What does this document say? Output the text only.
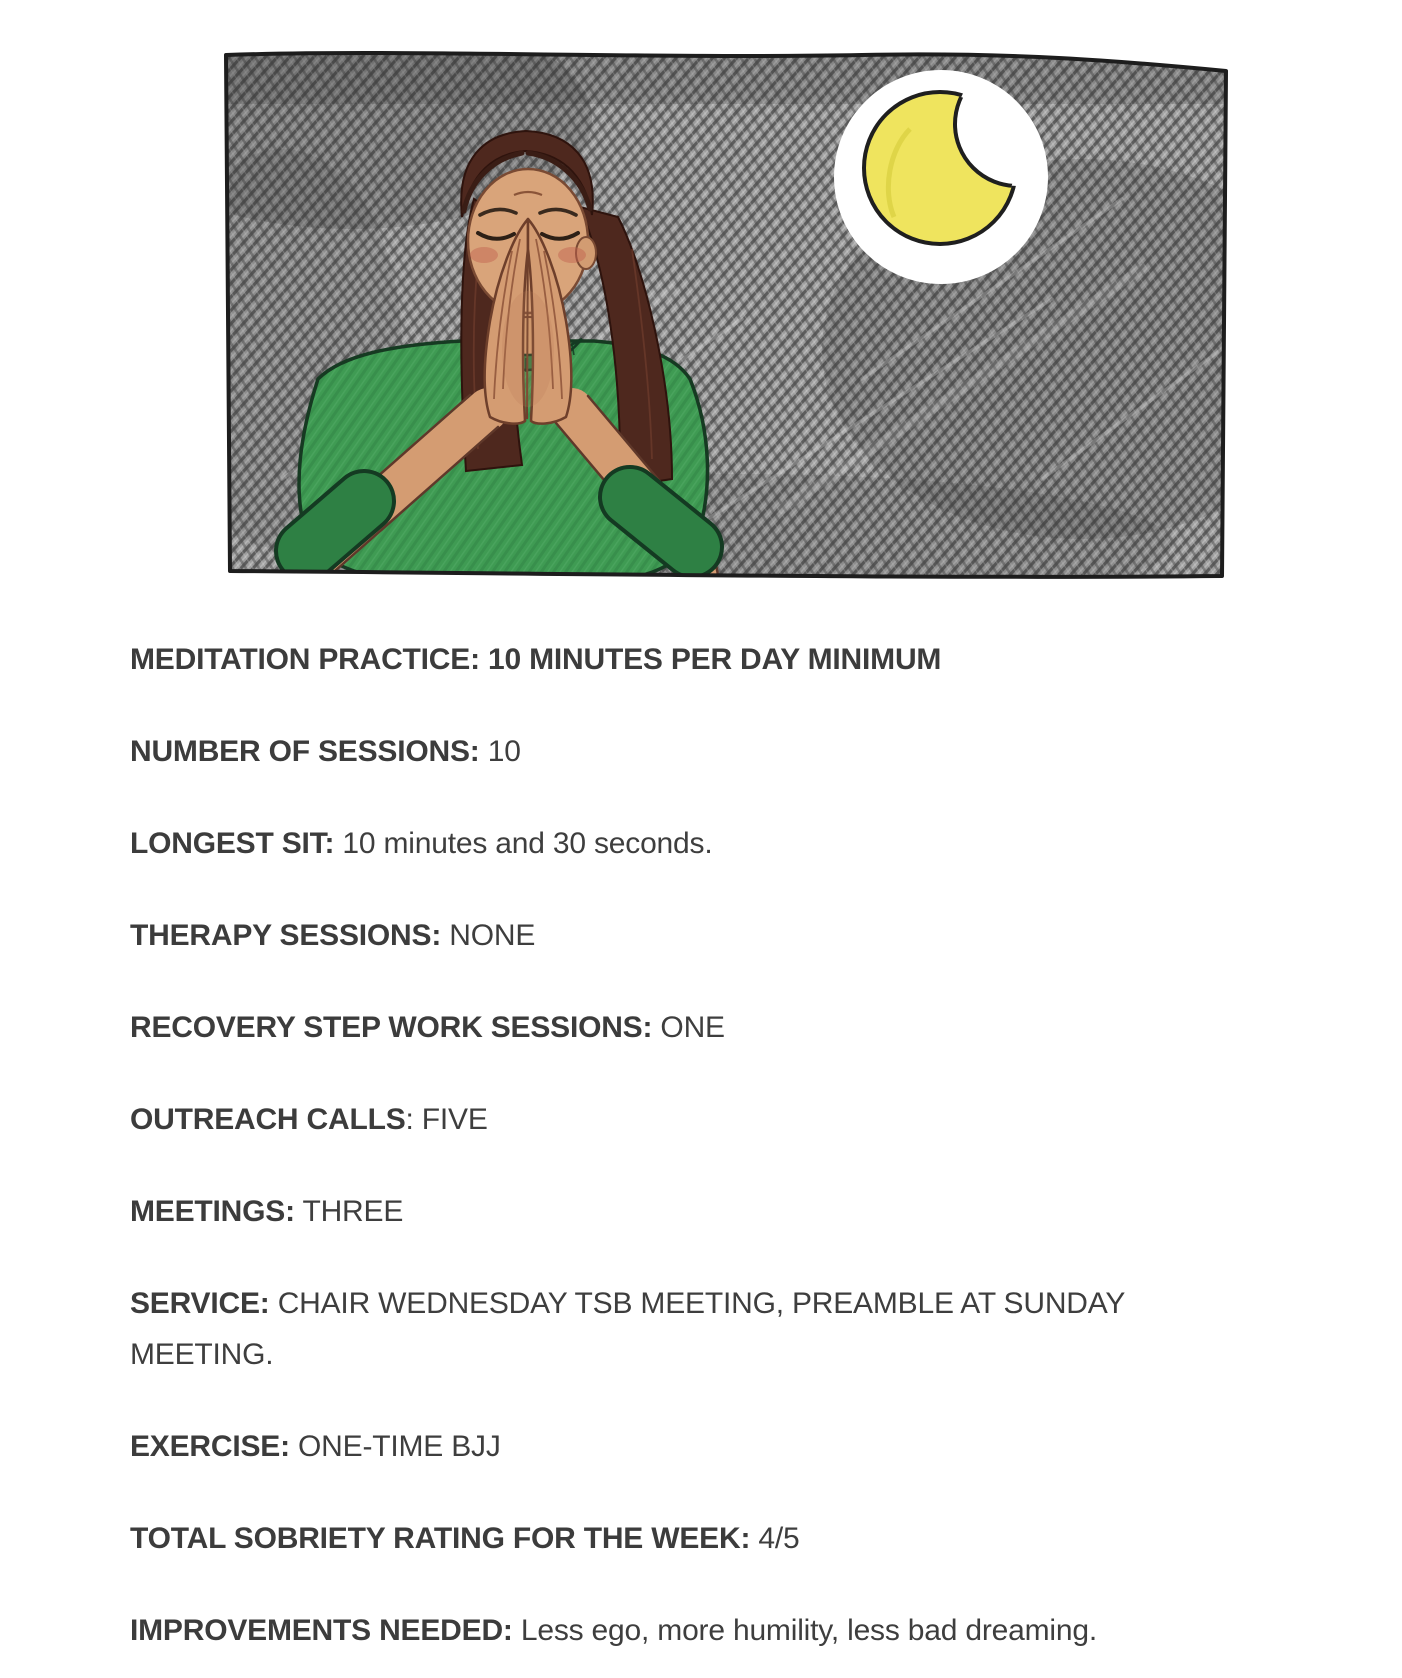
MEDITATION PRACTICE: 10 MINUTES PER DAY MINIMUM

NUMBER OF SESSIONS: 10

LONGEST SIT: 10 minutes and 30 seconds.

THERAPY SESSIONS: NONE

RECOVERY STEP WORK SESSIONS: ONE

OUTREACH CALLS: FIVE

MEETINGS: THREE

SERVICE: CHAIR WEDNESDAY TSB MEETING, PREAMBLE AT SUNDAY MEETING.

EXERCISE: ONE-TIME BJJ

TOTAL SOBRIETY RATING FOR THE WEEK: 4/5

IMPROVEMENTS NEEDED: Less ego, more humility, less bad dreaming.
